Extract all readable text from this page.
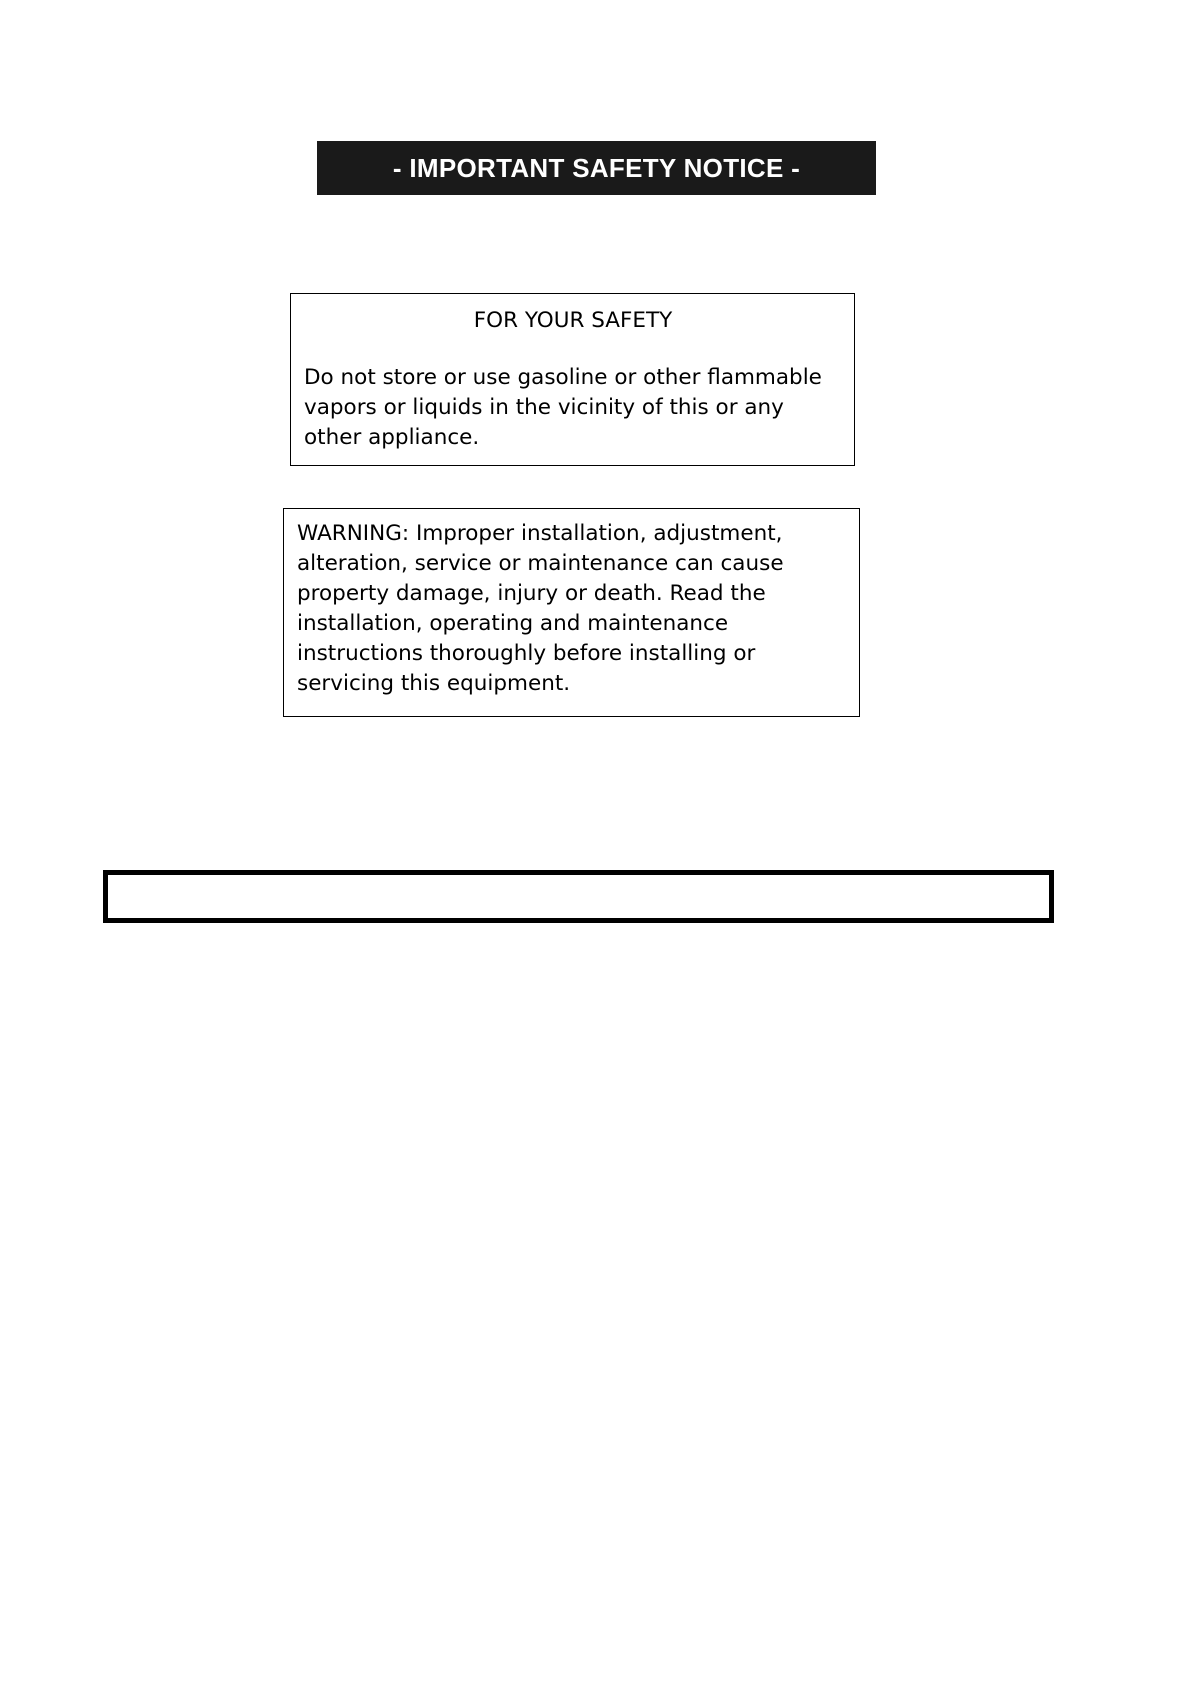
- IMPORTANT SAFETY NOTICE -
FOR YOUR SAFETY
Do not store or use gasoline or other flammable
vapors or liquids in the vicinity of this or any
other appliance.
WARNING: Improper installation, adjustment,
alteration, service or maintenance can cause
property damage, injury or death. Read the
installation, operating and maintenance
instructions thoroughly before installing or
servicing this equipment.
